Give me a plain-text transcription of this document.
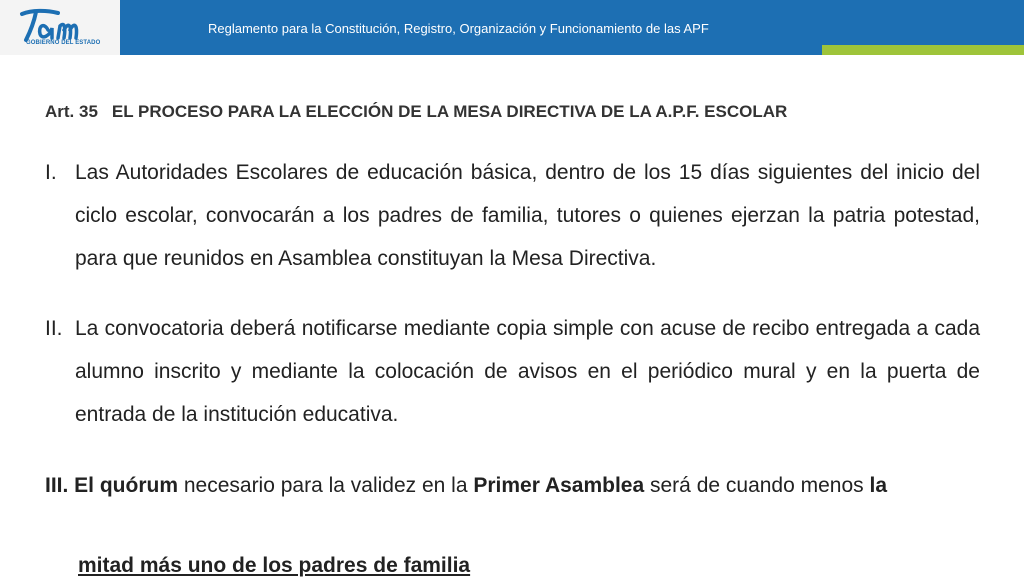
GOBIERNO DEL ESTADO
Reglamento para la Constitución, Registro, Organización y Funcionamiento de las APF
Art. 35 EL PROCESO PARA LA ELECCIÓN DE LA MESA DIRECTIVA DE LA A.P.F. ESCOLAR
I. Las Autoridades Escolares de educación básica, dentro de los 15 días siguientes del inicio del ciclo escolar, convocarán a los padres de familia, tutores o quienes ejerzan la patria potestad, para que reunidos en Asamblea constituyan la Mesa Directiva.
II. La convocatoria deberá notificarse mediante copia simple con acuse de recibo entregada a cada alumno inscrito y mediante la colocación de avisos en el periódico mural y en la puerta de entrada de la institución educativa.
III. El quórum necesario para la validez en la Primer Asamblea será de cuando menos la
mitad más uno de los padres de familia
